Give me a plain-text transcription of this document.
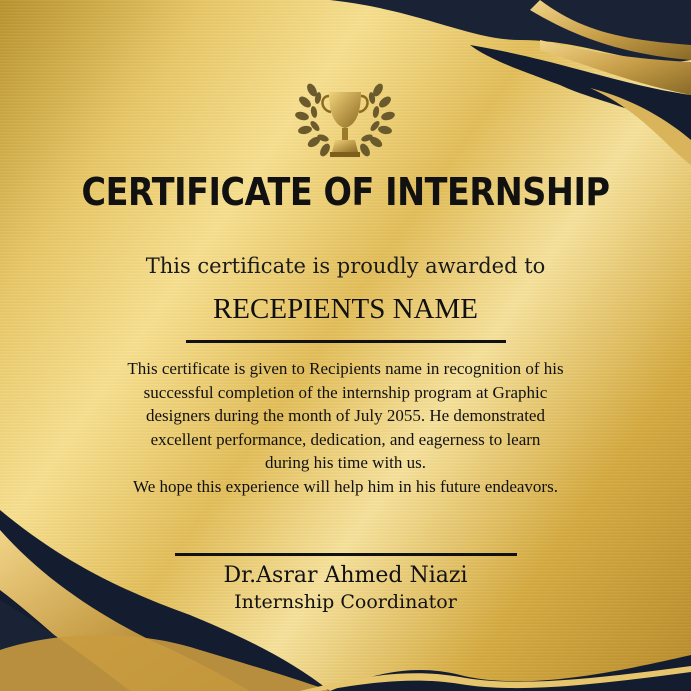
CERTIFICATE OF INTERNSHIP
This certificate is proudly awarded to
RECEPIENTS NAME
This certificate is given to Recipients name in recognition of his
successful completion of the internship program at Graphic
designers during the month of July 2055. He demonstrated
excellent performance, dedication, and eagerness to learn
during his time with us.
We hope this experience will help him in his future endeavors.
Dr.Asrar Ahmed Niazi
Internship Coordinator
